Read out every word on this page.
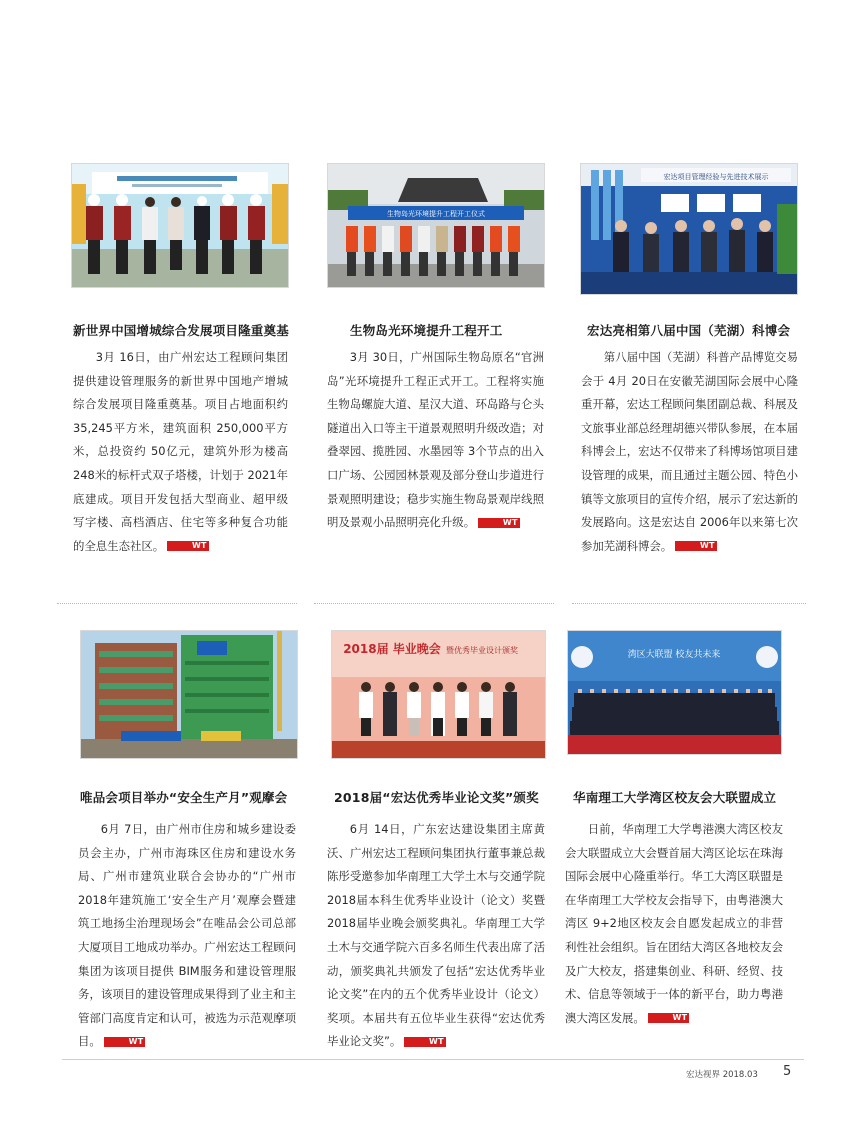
新世界中国增城综合发展项目隆重奠基
3月 16日，由广州宏达工程顾问集团提供建设管理服务的新世界中国地产增城综合发展项目隆重奠基。项目占地面积约 35,245平方米，建筑面积 250,000平方米，总投资约 50亿元，建筑外形为楼高 248米的标杆式双子塔楼，计划于 2021年底建成。项目开发包括大型商业、超甲级写字楼、高档酒店、住宅等多种复合功能的全息生态社区。	WT
生物岛光环境提升工程开工仪式
生物岛光环境提升工程开工
3月 30日，广州国际生物岛原名“官洲岛”光环境提升工程正式开工。工程将实施生物岛螺旋大道、星汉大道、环岛路与仑头隧道出入口等主干道景观照明升级改造；对叠翠园、揽胜园、水墨园等 3个节点的出入口广场、公园园林景观及部分登山步道进行景观照明建设；稳步实施生物岛景观岸线照明及景观小品照明亮化升级。	WT
宏达项目管理经验与先进技术展示
宏达亮相第八届中国（芜湖）科博会
第八届中国（芜湖）科普产品博览交易会于 4月 20日在安徽芜湖国际会展中心隆重开幕，宏达工程顾问集团副总裁、科展及文旅事业部总经理胡德兴带队参展，在本届科博会上，宏达不仅带来了科博场馆项目建设管理的成果，而且通过主题公园、特色小镇等文旅项目的宣传介绍，展示了宏达新的发展路向。这是宏达自 2006年以来第七次参加芜湖科博会。	WT
唯品会项目举办“安全生产月”观摩会
6月 7日，由广州市住房和城乡建设委员会主办，广州市海珠区住房和建设水务局、广州市建筑业联合会协办的“广州市 2018年建筑施工‘安全生产月’观摩会暨建筑工地扬尘治理现场会”在唯品会公司总部大厦项目工地成功举办。广州宏达工程顾问集团为该项目提供 BIM服务和建设管理服务，该项目的建设管理成果得到了业主和主管部门高度肯定和认可，被选为示范观摩项目。	WT
2018届 毕业晚会 暨优秀毕业设计颁奖
2018届“宏达优秀毕业论文奖”颁奖
6月 14日，广东宏达建设集团主席黄沃、广州宏达工程顾问集团执行董事兼总裁陈彤受邀参加华南理工大学土木与交通学院 2018届本科生优秀毕业设计（论文）奖暨 2018届毕业晚会颁奖典礼。华南理工大学土木与交通学院六百多名师生代表出席了活动，颁奖典礼共颁发了包括“宏达优秀毕业论文奖”在内的五个优秀毕业设计（论文）奖项。本届共有五位毕业生获得“宏达优秀毕业论文奖”。	WT
湾区大联盟 校友共未来
华南理工大学湾区校友会大联盟成立
日前，华南理工大学粤港澳大湾区校友会大联盟成立大会暨首届大湾区论坛在珠海国际会展中心隆重举行。华工大湾区联盟是在华南理工大学校友会指导下，由粤港澳大湾区 9+2地区校友会自愿发起成立的非营利性社会组织。旨在团结大湾区各地校友会及广大校友，搭建集创业、科研、经贸、技术、信息等领域于一体的新平台，助力粤港澳大湾区发展。	WT
宏达视界 2018.03 5
